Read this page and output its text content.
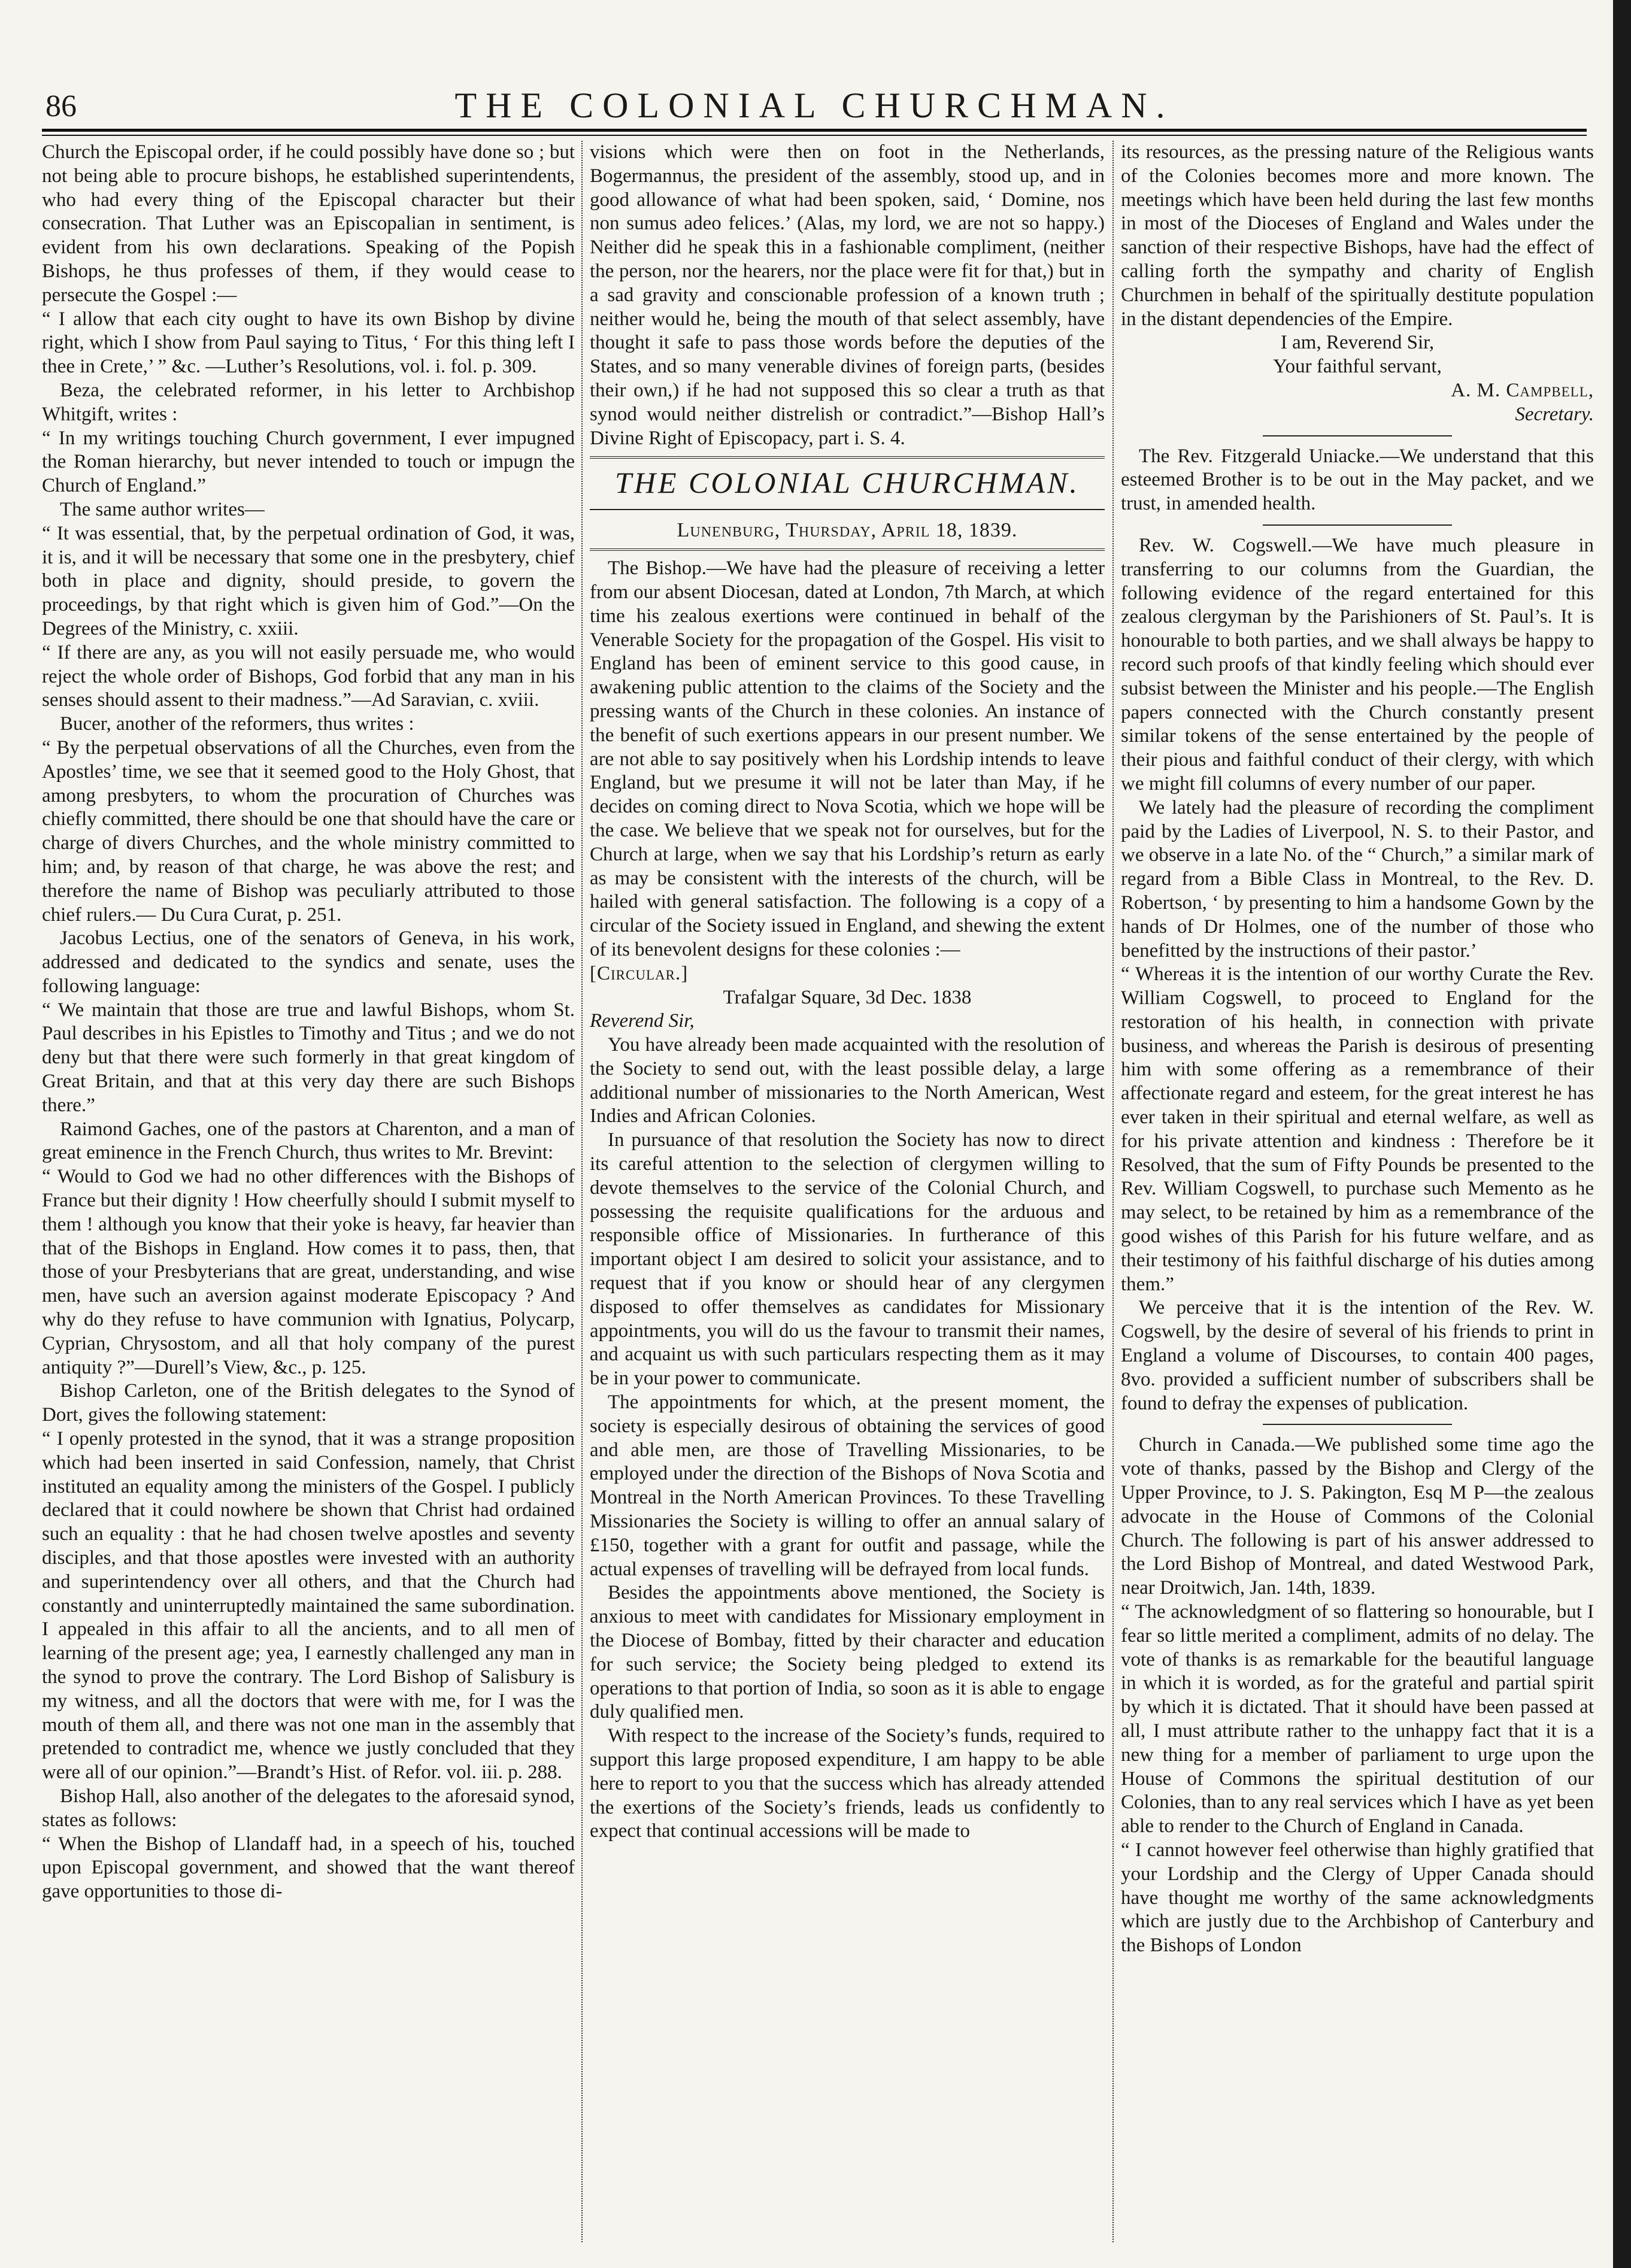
86	THE COLONIAL CHURCHMAN.

Church the Episcopal order, if he could possibly have done so ; but not being able to procure bishops, he established superintendents, who had every thing of the Episcopal character but their consecration. That Luther was an Episcopalian in sentiment, is evident from his own declarations. Speaking of the Popish Bishops, he thus professes of them, if they would cease to persecute the Gospel :—

“ I allow that each city ought to have its own Bishop by divine right, which I show from Paul saying to Titus, ‘ For this thing left I thee in Crete,’ ” &c. —Luther’s Resolutions, vol. i. fol. p. 309.

Beza, the celebrated reformer, in his letter to Archbishop Whitgift, writes :

“ In my writings touching Church government, I ever impugned the Roman hierarchy, but never intended to touch or impugn the Church of England.”

The same author writes—

“ It was essential, that, by the perpetual ordination of God, it was, it is, and it will be necessary that some one in the presbytery, chief both in place and dignity, should preside, to govern the proceedings, by that right which is given him of God.”—On the Degrees of the Ministry, c. xxiii.

“ If there are any, as you will not easily persuade me, who would reject the whole order of Bishops, God forbid that any man in his senses should assent to their madness.”—Ad Saravian, c. xviii.

Bucer, another of the reformers, thus writes :

“ By the perpetual observations of all the Churches, even from the Apostles’ time, we see that it seemed good to the Holy Ghost, that among presbyters, to whom the procuration of Churches was chiefly committed, there should be one that should have the care or charge of divers Churches, and the whole ministry committed to him; and, by reason of that charge, he was above the rest; and therefore the name of Bishop was peculiarly attributed to those chief rulers.— Du Cura Curat, p. 251.

Jacobus Lectius, one of the senators of Geneva, in his work, addressed and dedicated to the syndics and senate, uses the following language:

“ We maintain that those are true and lawful Bishops, whom St. Paul describes in his Epistles to Timothy and Titus ; and we do not deny but that there were such formerly in that great kingdom of Great Britain, and that at this very day there are such Bishops there.”

Raimond Gaches, one of the pastors at Charenton, and a man of great eminence in the French Church, thus writes to Mr. Brevint:

“ Would to God we had no other differences with the Bishops of France but their dignity ! How cheerfully should I submit myself to them ! although you know that their yoke is heavy, far heavier than that of the Bishops in England. How comes it to pass, then, that those of your Presbyterians that are great, understanding, and wise men, have such an aversion against moderate Episcopacy ? And why do they refuse to have communion with Ignatius, Polycarp, Cyprian, Chrysostom, and all that holy company of the purest antiquity ?”—Durell’s View, &c., p. 125.

Bishop Carleton, one of the British delegates to the Synod of Dort, gives the following statement:

“ I openly protested in the synod, that it was a strange proposition which had been inserted in said Confession, namely, that Christ instituted an equality among the ministers of the Gospel. I publicly declared that it could nowhere be shown that Christ had ordained such an equality : that he had chosen twelve apostles and seventy disciples, and that those apostles were invested with an authority and superintendency over all others, and that the Church had constantly and uninterruptedly maintained the same subordination. I appealed in this affair to all the ancients, and to all men of learning of the present age; yea, I earnestly challenged any man in the synod to prove the contrary. The Lord Bishop of Salisbury is my witness, and all the doctors that were with me, for I was the mouth of them all, and there was not one man in the assembly that pretended to contradict me, whence we justly concluded that they were all of our opinion.”—Brandt’s Hist. of Refor. vol. iii. p. 288.

Bishop Hall, also another of the delegates to the aforesaid synod, states as follows:

“ When the Bishop of Llandaff had, in a speech of his, touched upon Episcopal government, and showed that the want thereof gave opportunities to those di-

visions which were then on foot in the Netherlands, Bogermannus, the president of the assembly, stood up, and in good allowance of what had been spoken, said, ‘ Domine, nos non sumus adeo felices.’ (Alas, my lord, we are not so happy.) Neither did he speak this in a fashionable compliment, (neither the person, nor the hearers, nor the place were fit for that,) but in a sad gravity and conscionable profession of a known truth ; neither would he, being the mouth of that select assembly, have thought it safe to pass those words before the deputies of the States, and so many venerable divines of foreign parts, (besides their own,) if he had not supposed this so clear a truth as that synod would neither distrelish or contradict.”—Bishop Hall’s Divine Right of Episcopacy, part i. S. 4.

THE COLONIAL CHURCHMAN.
Lunenburg, Thursday, April 18, 1839.

The Bishop.—We have had the pleasure of receiving a letter from our absent Diocesan, dated at London, 7th March, at which time his zealous exertions were continued in behalf of the Venerable Society for the propagation of the Gospel. His visit to England has been of eminent service to this good cause, in awakening public attention to the claims of the Society and the pressing wants of the Church in these colonies. An instance of the benefit of such exertions appears in our present number. We are not able to say positively when his Lordship intends to leave England, but we presume it will not be later than May, if he decides on coming direct to Nova Scotia, which we hope will be the case. We believe that we speak not for ourselves, but for the Church at large, when we say that his Lordship’s return as early as may be consistent with the interests of the church, will be hailed with general satisfaction. The following is a copy of a circular of the Society issued in England, and shewing the extent of its benevolent designs for these colonies :—

[Circular.]

Trafalgar Square, 3d Dec. 1838

Reverend Sir,

You have already been made acquainted with the resolution of the Society to send out, with the least possible delay, a large additional number of missionaries to the North American, West Indies and African Colonies.

In pursuance of that resolution the Society has now to direct its careful attention to the selection of clergymen willing to devote themselves to the service of the Colonial Church, and possessing the requisite qualifications for the arduous and responsible office of Missionaries. In furtherance of this important object I am desired to solicit your assistance, and to request that if you know or should hear of any clergymen disposed to offer themselves as candidates for Missionary appointments, you will do us the favour to transmit their names, and acquaint us with such particulars respecting them as it may be in your power to communicate.

The appointments for which, at the present moment, the society is especially desirous of obtaining the services of good and able men, are those of Travelling Missionaries, to be employed under the direction of the Bishops of Nova Scotia and Montreal in the North American Provinces. To these Travelling Missionaries the Society is willing to offer an annual salary of £150, together with a grant for outfit and passage, while the actual expenses of travelling will be defrayed from local funds.

Besides the appointments above mentioned, the Society is anxious to meet with candidates for Missionary employment in the Diocese of Bombay, fitted by their character and education for such service; the Society being pledged to extend its operations to that portion of India, so soon as it is able to engage duly qualified men.

With respect to the increase of the Society’s funds, required to support this large proposed expenditure, I am happy to be able here to report to you that the success which has already attended the exertions of the Society’s friends, leads us confidently to expect that continual accessions will be made to

its resources, as the pressing nature of the Religious wants of the Colonies becomes more and more known. The meetings which have been held during the last few months in most of the Dioceses of England and Wales under the sanction of their respective Bishops, have had the effect of calling forth the sympathy and charity of English Churchmen in behalf of the spiritually destitute population in the distant dependencies of the Empire.

I am, Reverend Sir,

Your faithful servant,

A. M. Campbell,

Secretary.

The Rev. Fitzgerald Uniacke.—We understand that this esteemed Brother is to be out in the May packet, and we trust, in amended health.

Rev. W. Cogswell.—We have much pleasure in transferring to our columns from the Guardian, the following evidence of the regard entertained for this zealous clergyman by the Parishioners of St. Paul’s. It is honourable to both parties, and we shall always be happy to record such proofs of that kindly feeling which should ever subsist between the Minister and his people.—The English papers connected with the Church constantly present similar tokens of the sense entertained by the people of their pious and faithful conduct of their clergy, with which we might fill columns of every number of our paper.

We lately had the pleasure of recording the compliment paid by the Ladies of Liverpool, N. S. to their Pastor, and we observe in a late No. of the “ Church,” a similar mark of regard from a Bible Class in Montreal, to the Rev. D. Robertson, ‘ by presenting to him a handsome Gown by the hands of Dr Holmes, one of the number of those who benefitted by the instructions of their pastor.’

“ Whereas it is the intention of our worthy Curate the Rev. William Cogswell, to proceed to England for the restoration of his health, in connection with private business, and whereas the Parish is desirous of presenting him with some offering as a remembrance of their affectionate regard and esteem, for the great interest he has ever taken in their spiritual and eternal welfare, as well as for his private attention and kindness : Therefore be it Resolved, that the sum of Fifty Pounds be presented to the Rev. William Cogswell, to purchase such Memento as he may select, to be retained by him as a remembrance of the good wishes of this Parish for his future welfare, and as their testimony of his faithful discharge of his duties among them.”

We perceive that it is the intention of the Rev. W. Cogswell, by the desire of several of his friends to print in England a volume of Discourses, to contain 400 pages, 8vo. provided a sufficient number of subscribers shall be found to defray the expenses of publication.

Church in Canada.—We published some time ago the vote of thanks, passed by the Bishop and Clergy of the Upper Province, to J. S. Pakington, Esq M P—the zealous advocate in the House of Commons of the Colonial Church. The following is part of his answer addressed to the Lord Bishop of Montreal, and dated Westwood Park, near Droitwich, Jan. 14th, 1839.

“ The acknowledgment of so flattering so honourable, but I fear so little merited a compliment, admits of no delay. The vote of thanks is as remarkable for the beautiful language in which it is worded, as for the grateful and partial spirit by which it is dictated. That it should have been passed at all, I must attribute rather to the unhappy fact that it is a new thing for a member of parliament to urge upon the House of Commons the spiritual destitution of our Colonies, than to any real services which I have as yet been able to render to the Church of England in Canada.

“ I cannot however feel otherwise than highly gratified that your Lordship and the Clergy of Upper Canada should have thought me worthy of the same acknowledgments which are justly due to the Archbishop of Canterbury and the Bishops of London
